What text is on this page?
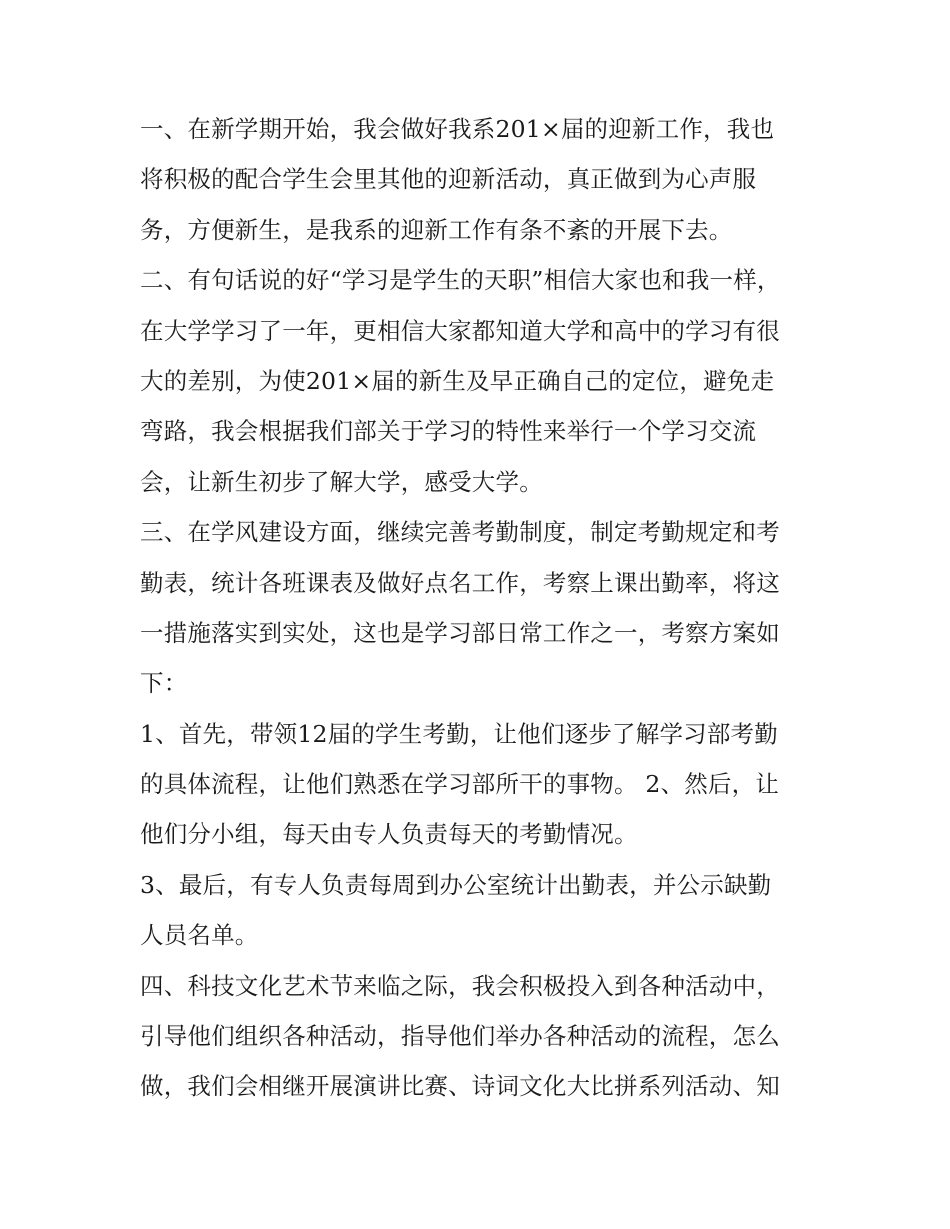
一、在新学期开始，我会做好我系201×届的迎新工作，我也
将积极的配合学生会里其他的迎新活动，真正做到为心声服
务，方便新生，是我系的迎新工作有条不紊的开展下去。
二、有句话说的好“学习是学生的天职”相信大家也和我一样，
在大学学习了一年，更相信大家都知道大学和高中的学习有很
大的差别，为使201×届的新生及早正确自己的定位，避免走
弯路，我会根据我们部关于学习的特性来举行一个学习交流
会，让新生初步了解大学，感受大学。
三、在学风建设方面，继续完善考勤制度，制定考勤规定和考
勤表，统计各班课表及做好点名工作，考察上课出勤率，将这
一措施落实到实处，这也是学习部日常工作之一，考察方案如
下：
1、首先，带领12届的学生考勤，让他们逐步了解学习部考勤
的具体流程，让他们熟悉在学习部所干的事物。 2、然后，让
他们分小组，每天由专人负责每天的考勤情况。
3、最后，有专人负责每周到办公室统计出勤表，并公示缺勤
人员名单。
四、科技文化艺术节来临之际，我会积极投入到各种活动中，
引导他们组织各种活动，指导他们举办各种活动的流程，怎么
做，我们会相继开展演讲比赛、诗词文化大比拼系列活动、知
